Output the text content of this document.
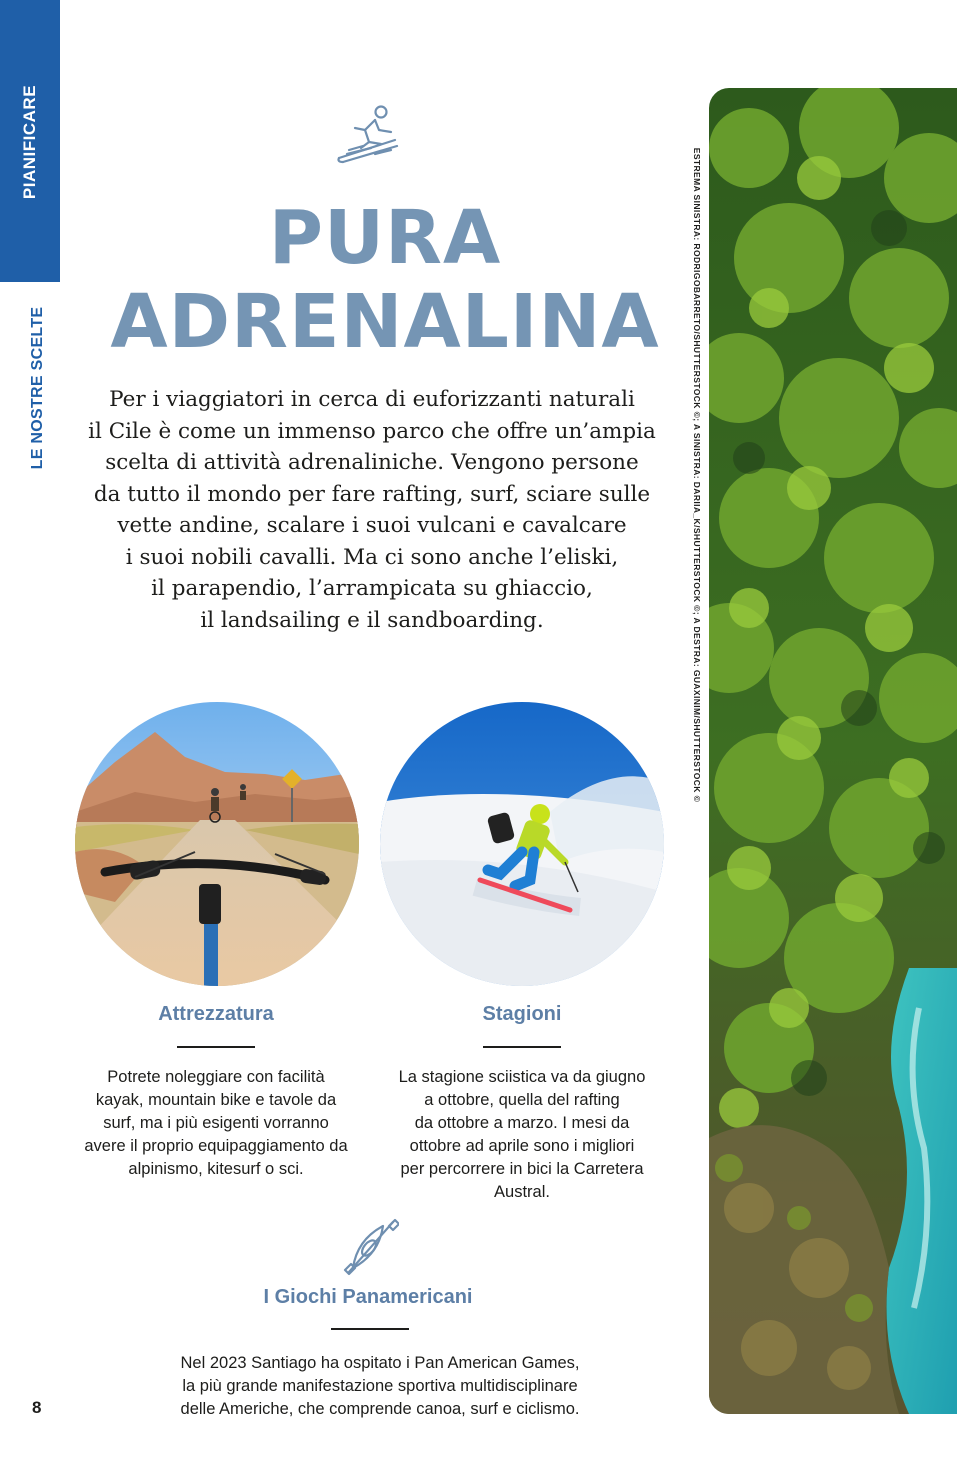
PIANIFICARE
LE NOSTRE SCELTE
PURA
ADRENALINA

Per i viaggiatori in cerca di euforizzanti naturali
il Cile è come un immenso parco che offre un’ampia
scelta di attività adrenaliniche. Vengono persone
da tutto il mondo per fare rafting, surf, sciare sulle
vette andine, scalare i suoi vulcani e cavalcare
i suoi nobili cavalli. Ma ci sono anche l’eliski,
il parapendio, l’arrampicata su ghiaccio,
il landsailing e il sandboarding.

Attrezzatura

Potrete noleggiare con facilità
kayak, mountain bike e tavole da
surf, ma i più esigenti vorranno
avere il proprio equipaggiamento da
alpinismo, kitesurf o sci.

Stagioni

La stagione sciistica va da giugno
a ottobre, quella del rafting
da ottobre a marzo. I mesi da
ottobre ad aprile sono i migliori
per percorrere in bici la Carretera
Austral.

I Giochi Panamericani

Nel 2023 Santiago ha ospitato i Pan American Games,
la più grande manifestazione sportiva multidisciplinare
delle Americhe, che comprende canoa, surf e ciclismo.

8
ESTREMA SINISTRA: RODRIGOBARRETO/SHUTTERSTOCK ©; A SINISTRA: DARIIA_K/SHUTTERSTOCK ©; A DESTRA: GUAXINIM/SHUTTERSTOCK ©
